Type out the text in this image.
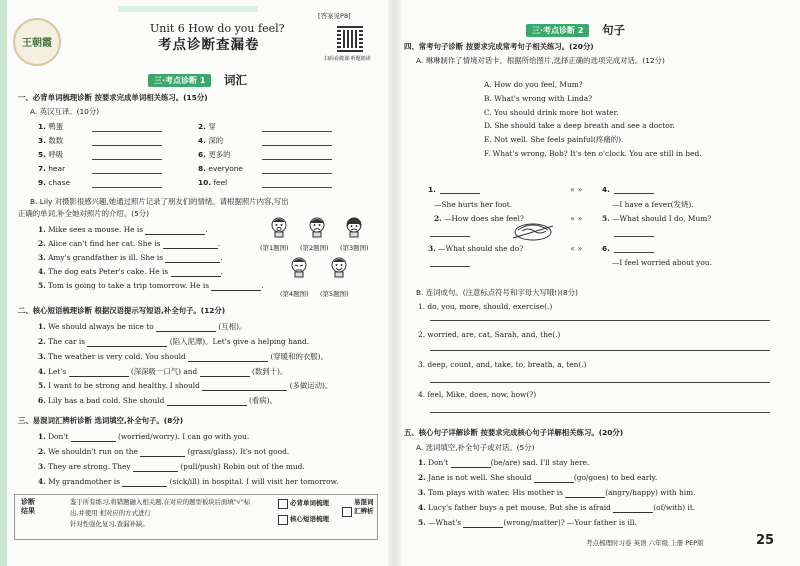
王朝霞
[答案见P8]
Unit 6 How do you feel?
考点诊断查漏卷
扫码看微课·听题朗读
三·考点诊断 1	词汇
一、必背单词梳理诊断 按要求完成单词相关练习。(15分)
A. 英汉互译。(10分)
1. 鸭蛋	2. 穿
3. 数数	4. 深的
5. 呼吸	6. 更多的
7. hear	8. everyone
9. chase	10. feel
B. Lily 对摄影很感兴趣,她通过照片记录了朋友们的情绪。请根据照片内容,写出
正确的单词,补全她对照片的介绍。(5分)
1. Mike sees a mouse. He is	.
2. Alice can't find her cat. She is	.
3. Amy's grandfather is ill. She is	.
4. The dog eats Peter's cake. He is	.
5. Tom is going to take a trip tomorrow. He is	.
(第1题图) (第2题图) (第3题图)
(第4题图) (第5题图)
二、核心短语梳理诊断 根据汉语提示写短语,补全句子。(12分)
1. We should always be nice to	(互相)。
2. The car is	(陷入泥潭)。Let's give a helping hand.
3. The weather is very cold. You should	(穿暖和的衣服)。
4. Let's	(深深吸一口气) and	(数到十)。
5. I want to be strong and healthy. I should	(多做运动)。
6. Lily has a bad cold. She should	(看病)。
三、易混词汇辨析诊断 选词填空,补全句子。(8分)
1. Don't	(worried/worry). I can go with you.
2. We shouldn't run on the	(grass/glass). It's not good.
3. They are strong. They	(pull/push) Robin out of the mud.
4. My grandmother is	(sick/ill) in hospital. I will visit her tomorrow.
诊断结果
鉴于所有练习,将错题融入相关题,在对应的题型板块后面填"√"标
出,并使用 相对应的方式进行
针对性强化复习,查漏补缺。
必背单词梳理
核心短语梳理
易混词汇辨析
三·考点诊断 2	句子
四、常考句子诊断 按要求完成常考句子相关练习。(20分)
A. 琳琳制作了情境对话卡。根据所给图片,选择正确的选项完成对话。(12分)
A. How do you feel, Mum?
B. What's wrong with Linda?
C. You should drink more hot water.
D. She should take a deep breath and see a doctor.
E. Not well. She feels painful(疼痛的).
F. What's wrong, Bob? It's ten o'clock. You are still in bed.
1.
—She hurts her foot.
2. —How does she feel?
3. —What should she do?
« »
« »
« »
4.
—I have a fever(发烧).
5. —What should I do, Mum?
6.
—I feel worried about you.
B. 连词成句。(注意标点符号和字母大写哦!)(8分)
1. do, you, more, should, exercise(.)
2. worried, are, cat, Sarah, and, the(.)
3. deep, count, and, take, to, breath, a, ten(.)
4. feel, Mike, does, now, how(?)
五、核心句子详解诊断 按要求完成核心句子详解相关练习。(20分)
A. 选词填空,补全句子或对话。(5分)
1. Don't	(be/are) sad. I'll stay here.
2. Jane is not well. She should	(go/goes) to bed early.
3. Tom plays with water. His mother is	(angry/happy) with him.
4. Lucy's father buys a pet mouse. But she is afraid	(of/with) it.
5. —What's	(wrong/matter)? —Your father is ill.
考点梳理时习卷 英语 六年级 上册 PEP版	25
